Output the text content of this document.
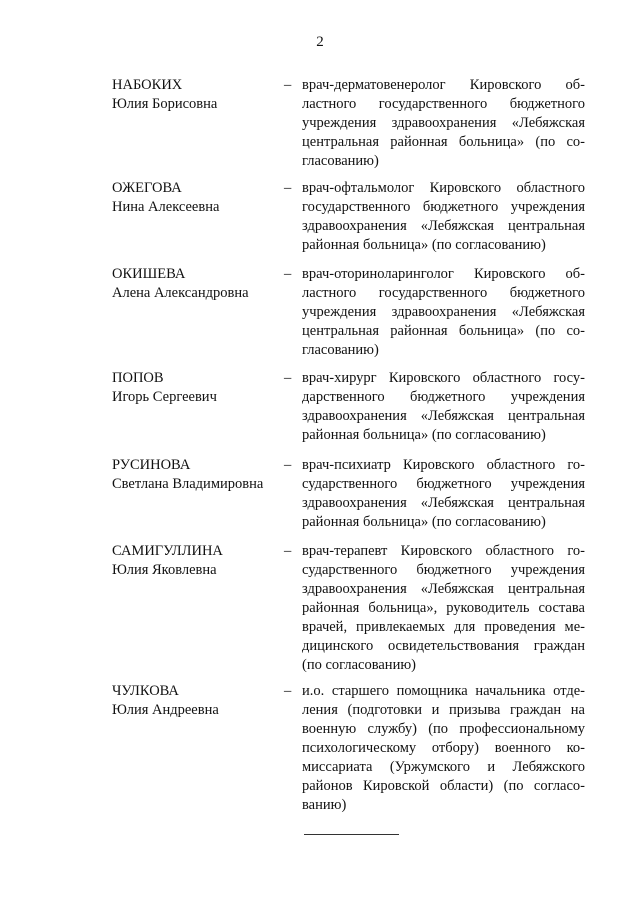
2
НАБОКИХ
Юлия Борисовна
– врач-дерматовенеролог Кировского об-
ластного государственного бюджетного
учреждения здравоохранения «Лебяжская
центральная районная больница» (по со-
гласованию)
ОЖЕГОВА
Нина Алексеевна
– врач-офтальмолог Кировского областного
государственного бюджетного учреждения
здравоохранения «Лебяжская центральная
районная больница» (по согласованию)
ОКИШЕВА
Алена Александровна
– врач-оториноларинголог Кировского об-
ластного государственного бюджетного
учреждения здравоохранения «Лебяжская
центральная районная больница» (по со-
гласованию)
ПОПОВ
Игорь Сергеевич
– врач-хирург Кировского областного госу-
дарственного бюджетного учреждения
здравоохранения «Лебяжская центральная
районная больница» (по согласованию)
РУСИНОВА
Светлана Владимировна
– врач-психиатр Кировского областного го-
сударственного бюджетного учреждения
здравоохранения «Лебяжская центральная
районная больница» (по согласованию)
САМИГУЛЛИНА
Юлия Яковлевна
– врач-терапевт Кировского областного го-
сударственного бюджетного учреждения
здравоохранения «Лебяжская центральная
районная больница», руководитель состава
врачей, привлекаемых для проведения ме-
дицинского освидетельствования граждан
(по согласованию)
ЧУЛКОВА
Юлия Андреевна
– и.о. старшего помощника начальника отде-
ления (подготовки и призыва граждан на
военную службу) (по профессиональному
психологическому отбору) военного ко-
миссариата (Уржумского и Лебяжского
районов Кировской области) (по согласо-
ванию)
